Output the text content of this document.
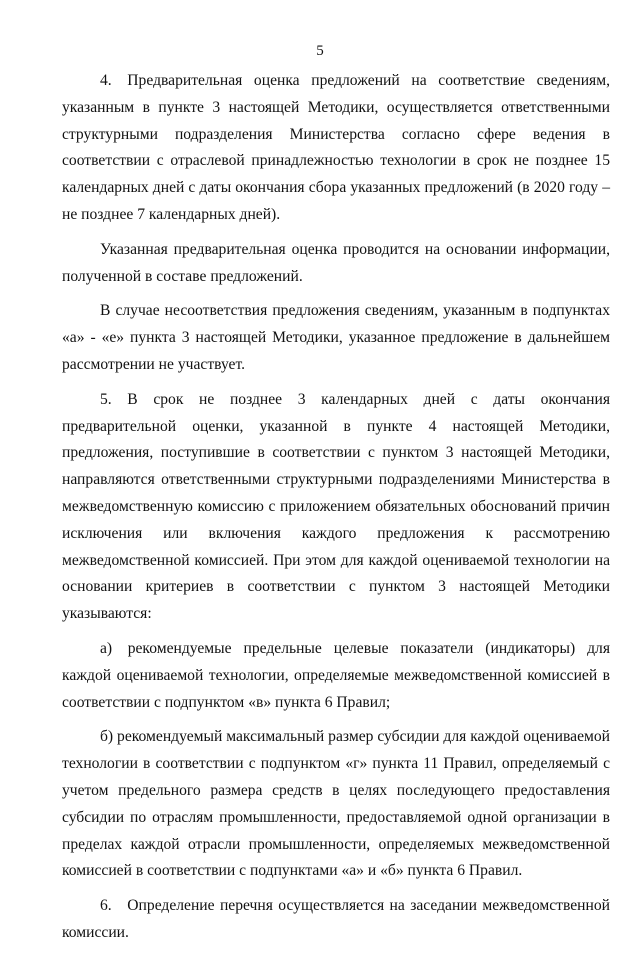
5

4. Предварительная оценка предложений на соответствие сведениям, указанным в пункте 3 настоящей Методики, осуществляется ответственными структурными подразделения Министерства согласно сфере ведения в соответствии с отраслевой принадлежностью технологии в срок не позднее 15 календарных дней с даты окончания сбора указанных предложений (в 2020 году – не позднее 7 календарных дней).

Указанная предварительная оценка проводится на основании информации, полученной в составе предложений.

В случае несоответствия предложения сведениям, указанным в подпунктах «а» - «е» пункта 3 настоящей Методики, указанное предложение в дальнейшем рассмотрении не участвует.

5. В срок не позднее 3 календарных дней с даты окончания предварительной оценки, указанной в пункте 4 настоящей Методики, предложения, поступившие в соответствии с пунктом 3 настоящей Методики, направляются ответственными структурными подразделениями Министерства в межведомственную комиссию с приложением обязательных обоснований причин исключения или включения каждого предложения к рассмотрению межведомственной комиссией. При этом для каждой оцениваемой технологии на основании критериев в соответствии с пунктом 3 настоящей Методики указываются:

а) рекомендуемые предельные целевые показатели (индикаторы) для каждой оцениваемой технологии, определяемые межведомственной комиссией в соответствии с подпунктом «в» пункта 6 Правил;

б) рекомендуемый максимальный размер субсидии для каждой оцениваемой технологии в соответствии с подпунктом «г» пункта 11 Правил, определяемый с учетом предельного размера средств в целях последующего предоставления субсидии по отраслям промышленности, предоставляемой одной организации в пределах каждой отрасли промышленности, определяемых межведомственной комиссией в соответствии с подпунктами «а» и «б» пункта 6 Правил.

6. Определение перечня осуществляется на заседании межведомственной комиссии.
